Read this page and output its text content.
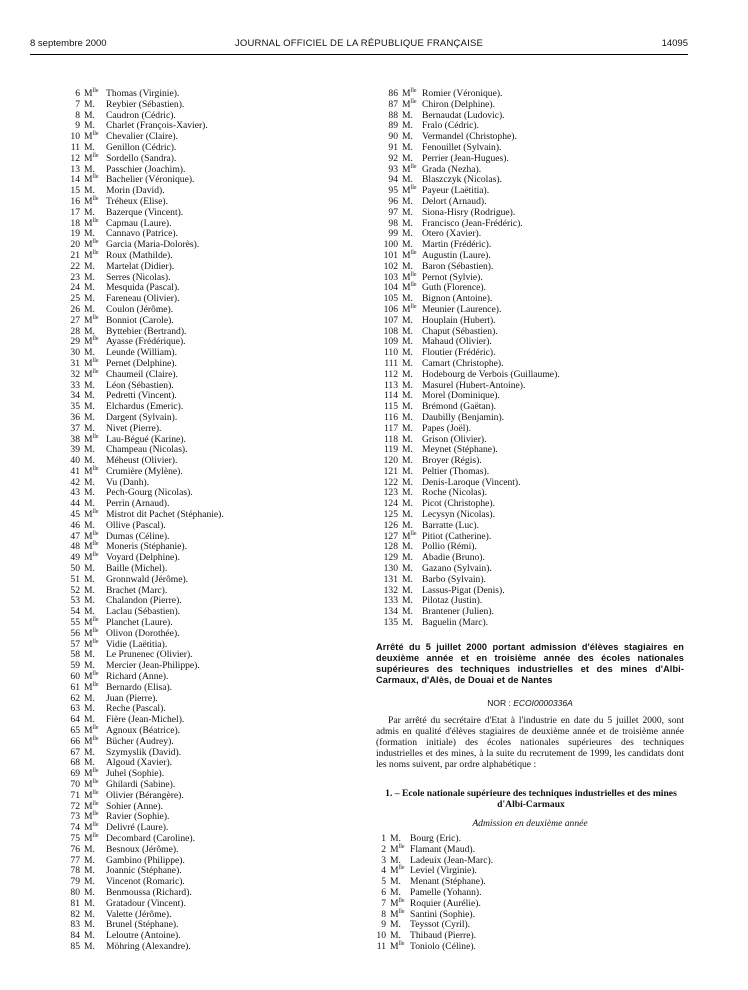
8 septembre 2000	JOURNAL OFFICIEL DE LA RÉPUBLIQUE FRANÇAISE	14095
6 $M^{lle}$ Thomas (Virginie).
7 M. Reybier (Sébastien).
8 M. Caudron (Cédric).
9 M. Charlet (François-Xavier).
10 $M^{lle}$ Chevalier (Claire).
11 M. Genillon (Cédric).
12 $M^{lle}$ Sordello (Sandra).
13 M. Passchier (Joachim).
14 $M^{lle}$ Bachelier (Véronique).
15 M. Morin (David).
16 $M^{lle}$ Tréheux (Elise).
17 M. Bazerque (Vincent).
18 $M^{lle}$ Capmau (Laure).
19 M. Cannavo (Patrice).
20 $M^{lle}$ Garcia (Maria-Dolorès).
21 $M^{lle}$ Roux (Mathilde).
22 M. Martelat (Didier).
23 M. Serres (Nicolas).
24 M. Mesquida (Pascal).
25 M. Fareneau (Olivier).
26 M. Coulon (Jérôme).
27 $M^{lle}$ Bonniot (Carole).
28 M. Byttebier (Bertrand).
29 $M^{lle}$ Ayasse (Frédérique).
30 M. Leunde (William).
31 $M^{lle}$ Pernet (Delphine).
32 $M^{lle}$ Chaumeil (Claire).
33 M. Léon (Sébastien).
34 M. Pedretti (Vincent).
35 M. Elchardus (Emeric).
36 M. Dargent (Sylvain).
37 M. Nivet (Pierre).
38 $M^{lle}$ Lau-Bégué (Karine).
39 M. Champeau (Nicolas).
40 M. Méheust (Olivier).
41 $M^{lle}$ Crumière (Mylène).
42 M. Vu (Danh).
43 M. Pech-Gourg (Nicolas).
44 M. Perrin (Arnaud).
45 $M^{lle}$ Mistrot dit Pachet (Stéphanie).
46 M. Ollive (Pascal).
47 $M^{lle}$ Dumas (Céline).
48 $M^{lle}$ Moneris (Stéphanie).
49 $M^{lle}$ Voyard (Delphine).
50 M. Baille (Michel).
51 M. Gronnwald (Jérôme).
52 M. Brachet (Marc).
53 M. Chalandon (Pierre).
54 M. Laclau (Sébastien).
55 $M^{lle}$ Planchet (Laure).
56 $M^{lle}$ Olivon (Dorothée).
57 $M^{lle}$ Vidie (Laëtitia).
58 M. Le Prunenec (Olivier).
59 M. Mercier (Jean-Philippe).
60 $M^{lle}$ Richard (Anne).
61 $M^{lle}$ Bernardo (Elisa).
62 M. Juan (Pierre).
63 M. Reche (Pascal).
64 M. Fière (Jean-Michel).
65 $M^{lle}$ Agnoux (Béatrice).
66 $M^{lle}$ Bücher (Audrey).
67 M. Szymyslik (David).
68 M. Algoud (Xavier).
69 $M^{lle}$ Juhel (Sophie).
70 $M^{lle}$ Ghilardi (Sabine).
71 $M^{lle}$ Olivier (Bérangère).
72 $M^{lle}$ Sohier (Anne).
73 $M^{lle}$ Ravier (Sophie).
74 $M^{lle}$ Delivré (Laure).
75 $M^{lle}$ Decombard (Caroline).
76 M. Besnoux (Jérôme).
77 M. Gambino (Philippe).
78 M. Joannic (Stéphane).
79 M. Vincenot (Romaric).
80 M. Benmoussa (Richard).
81 M. Gratadour (Vincent).
82 M. Valette (Jérôme).
83 M. Brunel (Stéphane).
84 M. Leloutre (Antoine).
85 M. Möhring (Alexandre).
86 $M^{lle}$ Romier (Véronique).
87 $M^{lle}$ Chiron (Delphine).
88 M. Bernaudat (Ludovic).
89 M. Fralo (Cédric).
90 M. Vermandel (Christophe).
91 M. Fenouillet (Sylvain).
92 M. Perrier (Jean-Hugues).
93 $M^{lle}$ Grada (Nezha).
94 M. Blaszczyk (Nicolas).
95 $M^{lle}$ Payeur (Laëtitia).
96 M. Delort (Arnaud).
97 M. Siona-Hisry (Rodrigue).
98 M. Francisco (Jean-Frédéric).
99 M. Otero (Xavier).
100 M. Martin (Frédéric).
101 $M^{lle}$ Augustin (Laure).
102 M. Baron (Sébastien).
103 $M^{lle}$ Pernot (Sylvie).
104 $M^{lle}$ Guth (Florence).
105 M. Bignon (Antoine).
106 $M^{lle}$ Meunier (Laurence).
107 M. Houplain (Hubert).
108 M. Chaput (Sébastien).
109 M. Mahaud (Olivier).
110 M. Floutier (Frédéric).
111 M. Camart (Christophe).
112 M. Hodebourg de Verbois (Guillaume).
113 M. Masurel (Hubert-Antoine).
114 M. Morel (Dominique).
115 M. Brémond (Gaëtan).
116 M. Daubilly (Benjamin).
117 M. Papes (Joël).
118 M. Grison (Olivier).
119 M. Meynet (Stéphane).
120 M. Broyer (Régis).
121 M. Peltier (Thomas).
122 M. Denis-Laroque (Vincent).
123 M. Roche (Nicolas).
124 M. Picot (Christophe).
125 M. Lecysyn (Nicolas).
126 M. Barratte (Luc).
127 $M^{lle}$ Pitiot (Catherine).
128 M. Pollio (Rémi).
129 M. Abadie (Bruno).
130 M. Gazano (Sylvain).
131 M. Barbo (Sylvain).
132 M. Lassus-Pigat (Denis).
133 M. Pilotaz (Justin).
134 M. Brantener (Julien).
135 M. Baguelin (Marc).
Arrêté du 5 juillet 2000 portant admission d'élèves stagiaires en deuxième année et en troisième année des écoles nationales supérieures des techniques industrielles et des mines d'Albi-Carmaux, d'Alès, de Douai et de Nantes
NOR : ECOI0000336A
Par arrêté du secrétaire d'Etat à l'industrie en date du 5 juillet 2000, sont admis en qualité d'élèves stagiaires de deuxième année et de troisième année (formation initiale) des écoles nationales supérieures des techniques industrielles et des mines, à la suite du recrutement de 1999, les candidats dont les noms suivent, par ordre alphabétique :
1. – Ecole nationale supérieure des techniques industrielles et des mines d'Albi-Carmaux
Admission en deuxième année
1 M. Bourg (Eric).
2 $M^{lle}$ Flamant (Maud).
3 M. Ladeuix (Jean-Marc).
4 $M^{lle}$ Leviel (Virginie).
5 M. Menant (Stéphane).
6 M. Pamelle (Yohann).
7 $M^{lle}$ Roquier (Aurélie).
8 $M^{lle}$ Santini (Sophie).
9 M. Teyssot (Cyril).
10 M. Thibaud (Pierre).
11 $M^{lle}$ Toniolo (Céline).
